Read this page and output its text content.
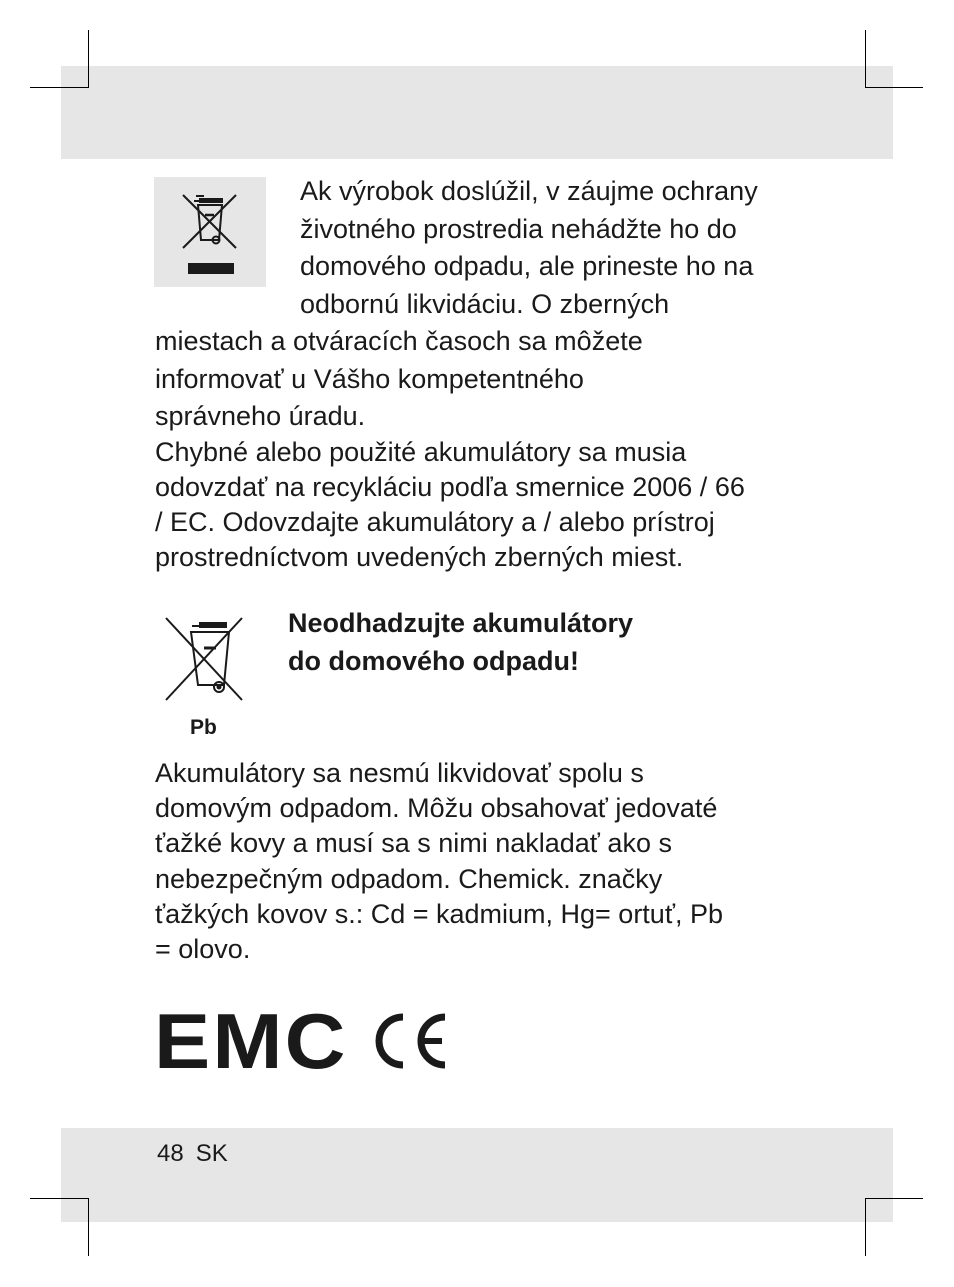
Ak výrobok doslúžil, v záujme ochrany
životného prostredia nehádžte ho do
domového odpadu, ale prineste ho na
odbornú likvidáciu. O zberných
miestach a otváracích časoch sa môžete
informovať u Vášho kompetentného
správneho úradu.
Chybné alebo použité akumulátory sa musia
odovzdať na recykláciu podľa smernice 2006 / 66
/ EC. Odovzdajte akumulátory a / alebo prístroj
prostredníctvom uvedených zberných miest.
Pb
Neodhadzujte akumulátory
do domového odpadu!
Akumulátory sa nesmú likvidovať spolu s
domovým odpadom. Môžu obsahovať jedovaté
ťažké kovy a musí sa s nimi nakladať ako s
nebezpečným odpadom. Chemick. značky
ťažkých kovov s.: Cd = kadmium, Hg= ortuť, Pb
= olovo.
EMC
48 SK
